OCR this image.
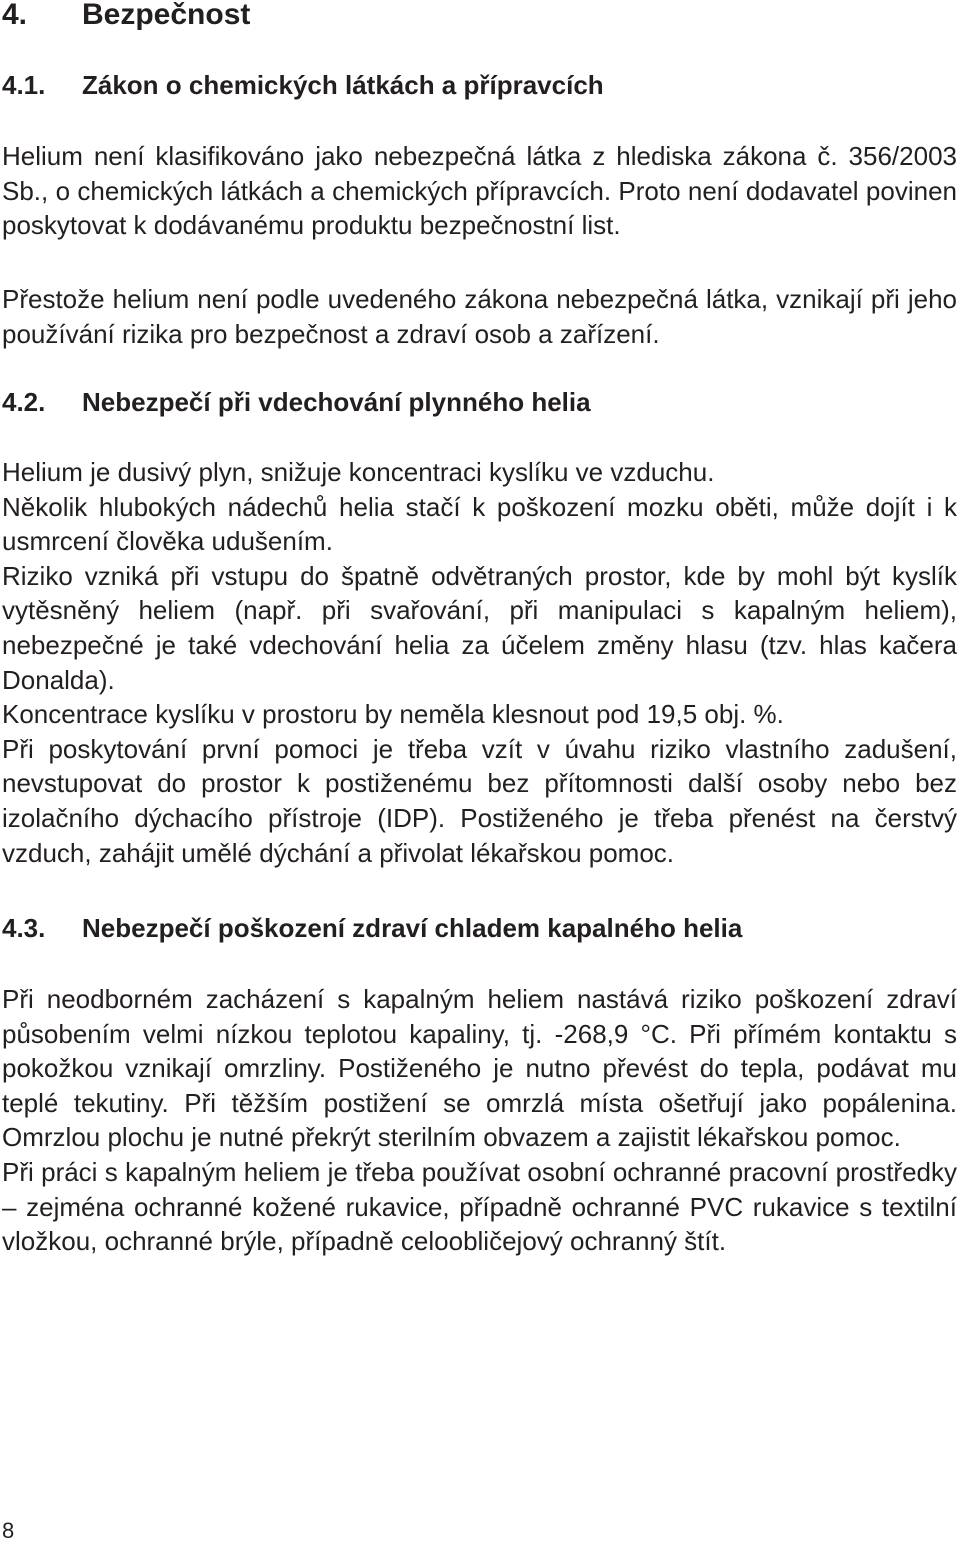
4. Bezpečnost
4.1. Zákon o chemických látkách a přípravcích

Helium není klasifikováno jako nebezpečná látka z hlediska zákona č. 356/2003 Sb., o chemických látkách a chemických přípravcích. Proto není dodavatel povinen poskytovat k dodávanému produktu bezpečnostní list.

Přestože helium není podle uvedeného zákona nebezpečná látka, vznikají při jeho používání rizika pro bezpečnost a zdraví osob a zařízení.

4.2. Nebezpečí při vdechování plynného helia

Helium je dusivý plyn, snižuje koncentraci kyslíku ve vzduchu.

Několik hlubokých nádechů helia stačí k poškození mozku oběti, může dojít i k usmrcení člověka udušením.

Riziko vzniká při vstupu do špatně odvětraných prostor, kde by mohl být kyslík vytěsněný heliem (např. při svařování, při manipulaci s kapalným heliem), nebezpečné je také vdechování helia za účelem změny hlasu (tzv. hlas kačera Donalda).

Koncentrace kyslíku v prostoru by neměla klesnout pod 19,5 obj. %.

Při poskytování první pomoci je třeba vzít v úvahu riziko vlastního zadušení, nevstupovat do prostor k postiženému bez přítomnosti další osoby nebo bez izolačního dýchacího přístroje (IDP). Postiženého je třeba přenést na čerstvý vzduch, zahájit umělé dýchání a přivolat lékařskou pomoc.

4.3. Nebezpečí poškození zdraví chladem kapalného helia

Při neodborném zacházení s kapalným heliem nastává riziko poškození zdraví působením velmi nízkou teplotou kapaliny, tj. -268,9 °C. Při přímém kontaktu s pokožkou vznikají omrzliny. Postiženého je nutno převést do tepla, podávat mu teplé tekutiny. Při těžším postižení se omrzlá místa ošetřují jako popálenina. Omrzlou plochu je nutné překrýt sterilním obvazem a zajistit lékařskou pomoc.

Při práci s kapalným heliem je třeba používat osobní ochranné pracovní prostředky – zejména ochranné kožené rukavice, případně ochranné PVC rukavice s textilní vložkou, ochranné brýle, případně celoobličejový ochranný štít.

8
